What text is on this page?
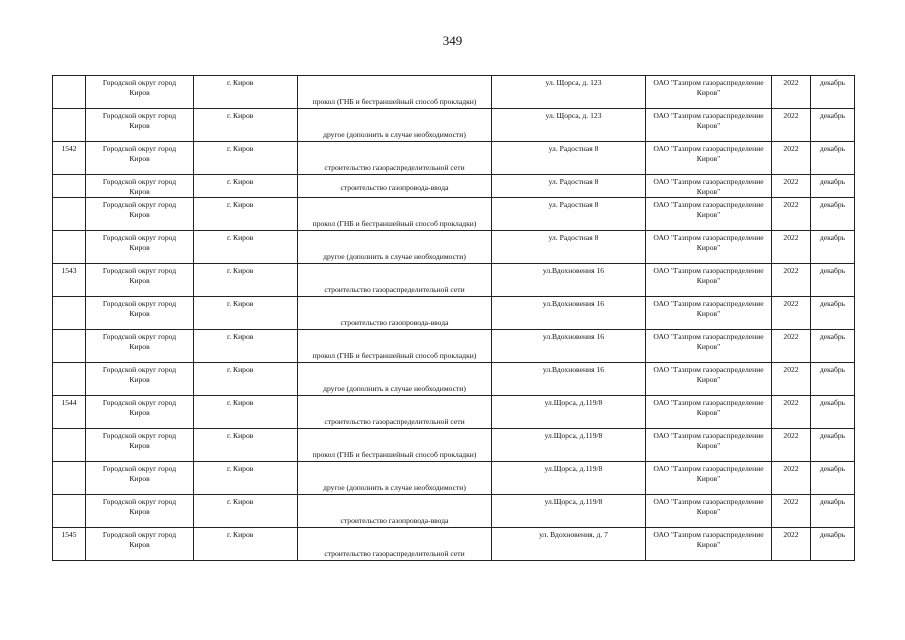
349

	Городской округ город Киров	г. Киров	прокол (ГНБ и бестраншейный способ прокладки)	ул. Щорса, д. 123	ОАО "Газпром газораспределение Киров"	2022	декабрь

	Городской округ город Киров	г. Киров	другое (дополнить в случае необходимости)	ул. Щорса, д. 123	ОАО "Газпром газораспределение Киров"	2022	декабрь

1542	Городской округ город Киров	г. Киров	строительство газораспределительной сети	ул. Радостная 8	ОАО "Газпром газораспределение Киров"	2022	декабрь

	Городской округ город Киров	г. Киров	строительство газопровода-ввода	ул. Радостная 8	ОАО "Газпром газораспределение Киров"	2022	декабрь

	Городской округ город Киров	г. Киров	прокол (ГНБ и бестраншейный способ прокладки)	ул. Радостная 8	ОАО "Газпром газораспределение Киров"	2022	декабрь

	Городской округ город Киров	г. Киров	другое (дополнить в случае необходимости)	ул. Радостная 8	ОАО "Газпром газораспределение Киров"	2022	декабрь

1543	Городской округ город Киров	г. Киров	строительство газораспределительной сети	ул.Вдохновения 16	ОАО "Газпром газораспределение Киров"	2022	декабрь

	Городской округ город Киров	г. Киров	строительство газопровода-ввода	ул.Вдохновения 16	ОАО "Газпром газораспределение Киров"	2022	декабрь

	Городской округ город Киров	г. Киров	прокол (ГНБ и бестраншейный способ прокладки)	ул.Вдохновения 16	ОАО "Газпром газораспределение Киров"	2022	декабрь

	Городской округ город Киров	г. Киров	другое (дополнить в случае необходимости)	ул.Вдохновения 16	ОАО "Газпром газораспределение Киров"	2022	декабрь

1544	Городской округ город Киров	г. Киров	строительство газораспределительной сети	ул.Щорса, д.119/8	ОАО "Газпром газораспределение Киров"	2022	декабрь

	Городской округ город Киров	г. Киров	прокол (ГНБ и бестраншейный способ прокладки)	ул.Щорса, д.119/8	ОАО "Газпром газораспределение Киров"	2022	декабрь

	Городской округ город Киров	г. Киров	другое (дополнить в случае необходимости)	ул.Щорса, д.119/8	ОАО "Газпром газораспределение Киров"	2022	декабрь

	Городской округ город Киров	г. Киров	строительство газопровода-ввода	ул.Щорса, д.119/8	ОАО "Газпром газораспределение Киров"	2022	декабрь

1545	Городской округ город Киров	г. Киров	строительство газораспределительной сети	ул. Вдохновения, д. 7	ОАО "Газпром газораспределение Киров"	2022	декабрь
